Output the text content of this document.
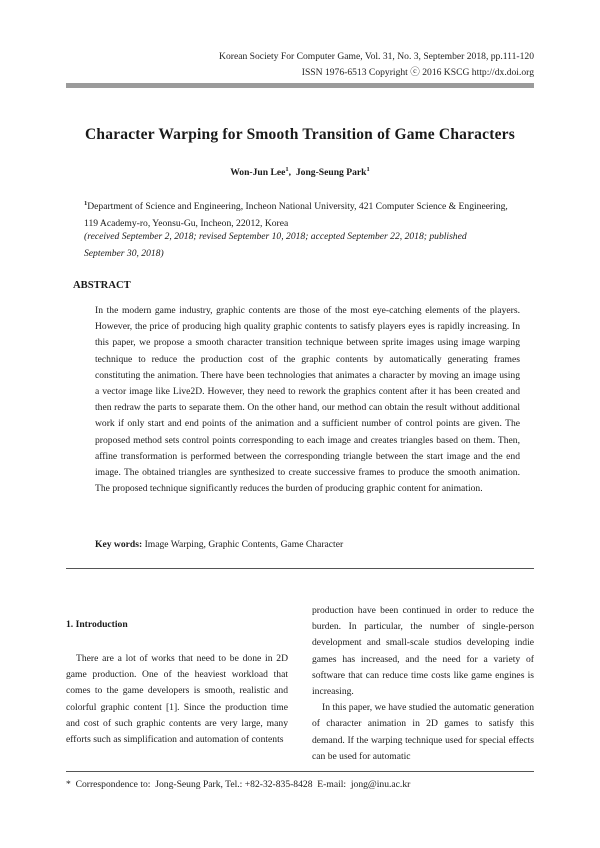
Korean Society For Computer Game, Vol. 31, No. 3, September 2018, pp.111-120
ISSN 1976-6513 Copyright ⓒ 2016 KSCG http://dx.doi.org
Character Warping for Smooth Transition of Game Characters
Won-Jun Lee$^1$,  Jong-Seung Park$^1$
$^1$Department of Science and Engineering, Incheon National University, 421 Computer Science & Engineering, 119 Academy-ro, Yeonsu-Gu, Incheon, 22012, Korea
(received September 2, 2018; revised September 10, 2018; accepted September 22, 2018; published
September 30, 2018)
ABSTRACT
In the modern game industry, graphic contents are those of the most eye-catching elements of the players. However, the price of producing high quality graphic contents to satisfy players eyes is rapidly increasing. In this paper, we propose a smooth character transition technique between sprite images using image warping technique to reduce the production cost of the graphic contents by automatically generating frames constituting the animation. There have been technologies that animates a character by moving an image using a vector image like Live2D. However, they need to rework the graphics content after it has been created and then redraw the parts to separate them. On the other hand, our method can obtain the result without additional work if only start and end points of the animation and a sufficient number of control points are given. The proposed method sets control points corresponding to each image and creates triangles based on them. Then, affine transformation is performed between the corresponding triangle between the start image and the end image. The obtained triangles are synthesized to create successive frames to produce the smooth animation. The proposed technique significantly reduces the burden of producing graphic content for animation.
Key words: Image Warping, Graphic Contents, Game Character
1. Introduction
There are a lot of works that need to be done in 2D game production. One of the heaviest workload that comes to the game developers is smooth, realistic and colorful graphic content [1]. Since the production time and cost of such graphic contents are very large, many efforts such as simplification and automation of contents
production have been continued in order to reduce the burden. In particular, the number of single-person development and small-scale studios developing indie games has increased, and the need for a variety of software that can reduce time costs like game engines is increasing.
In this paper, we have studied the automatic generation of character animation in 2D games to satisfy this demand. If the warping technique used for special effects can be used for automatic
*  Correspondence to:  Jong-Seung Park, Tel.: +82-32-835-8428  E-mail:  jong@inu.ac.kr
